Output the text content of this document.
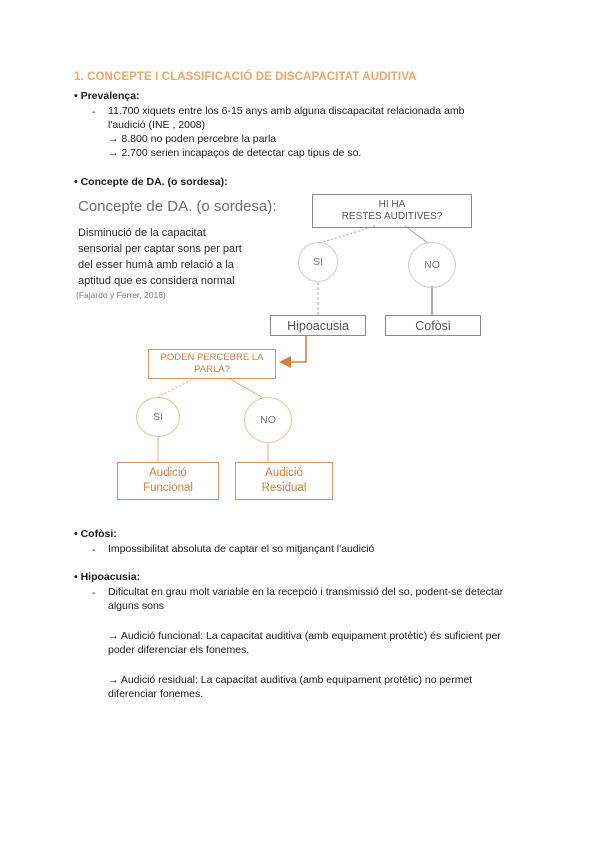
1. CONCEPTE I CLASSIFICACIÓ DE DISCAPACITAT AUDITIVA
• Prevalença:
- 11.700 xiquets entre los 6-15 anys amb alguna discapacitat relacionada amb
l'audició (INE , 2008)
→ 8.800 no poden percebre la parla
→ 2.700 serien incapaços de detectar cap tipus de so.
• Concepte de DA. (o sordesa):
Concepte de DA. (o sordesa):
Disminució de la capacitat
sensorial per captar sons per part
del esser humà amb relació a la
aptitud que es considera normal
(Fajardo y Ferrer, 2018)
HI HA
RESTES AUDITIVES?
SI	NO
Hipoacusia	Cofòsi
PODEN PERCEBRE LA
PARLA?
SI	NO
Audició
Funcional
Audició
Residual
• Cofòsi:
- Impossibilitat absoluta de captar el so mitjançant l'audició
• Hipoacusia:
- Dificultat en grau molt variable en la recepció i transmissió del so, podent-se detectar
alguns sons
→ Audició funcional: La capacitat auditiva (amb equipament protètic) és suficient per
poder diferenciar els fonemes.
→ Audició residual: La capacitat auditiva (amb equipament protètic) no permet
diferenciar fonemes.
